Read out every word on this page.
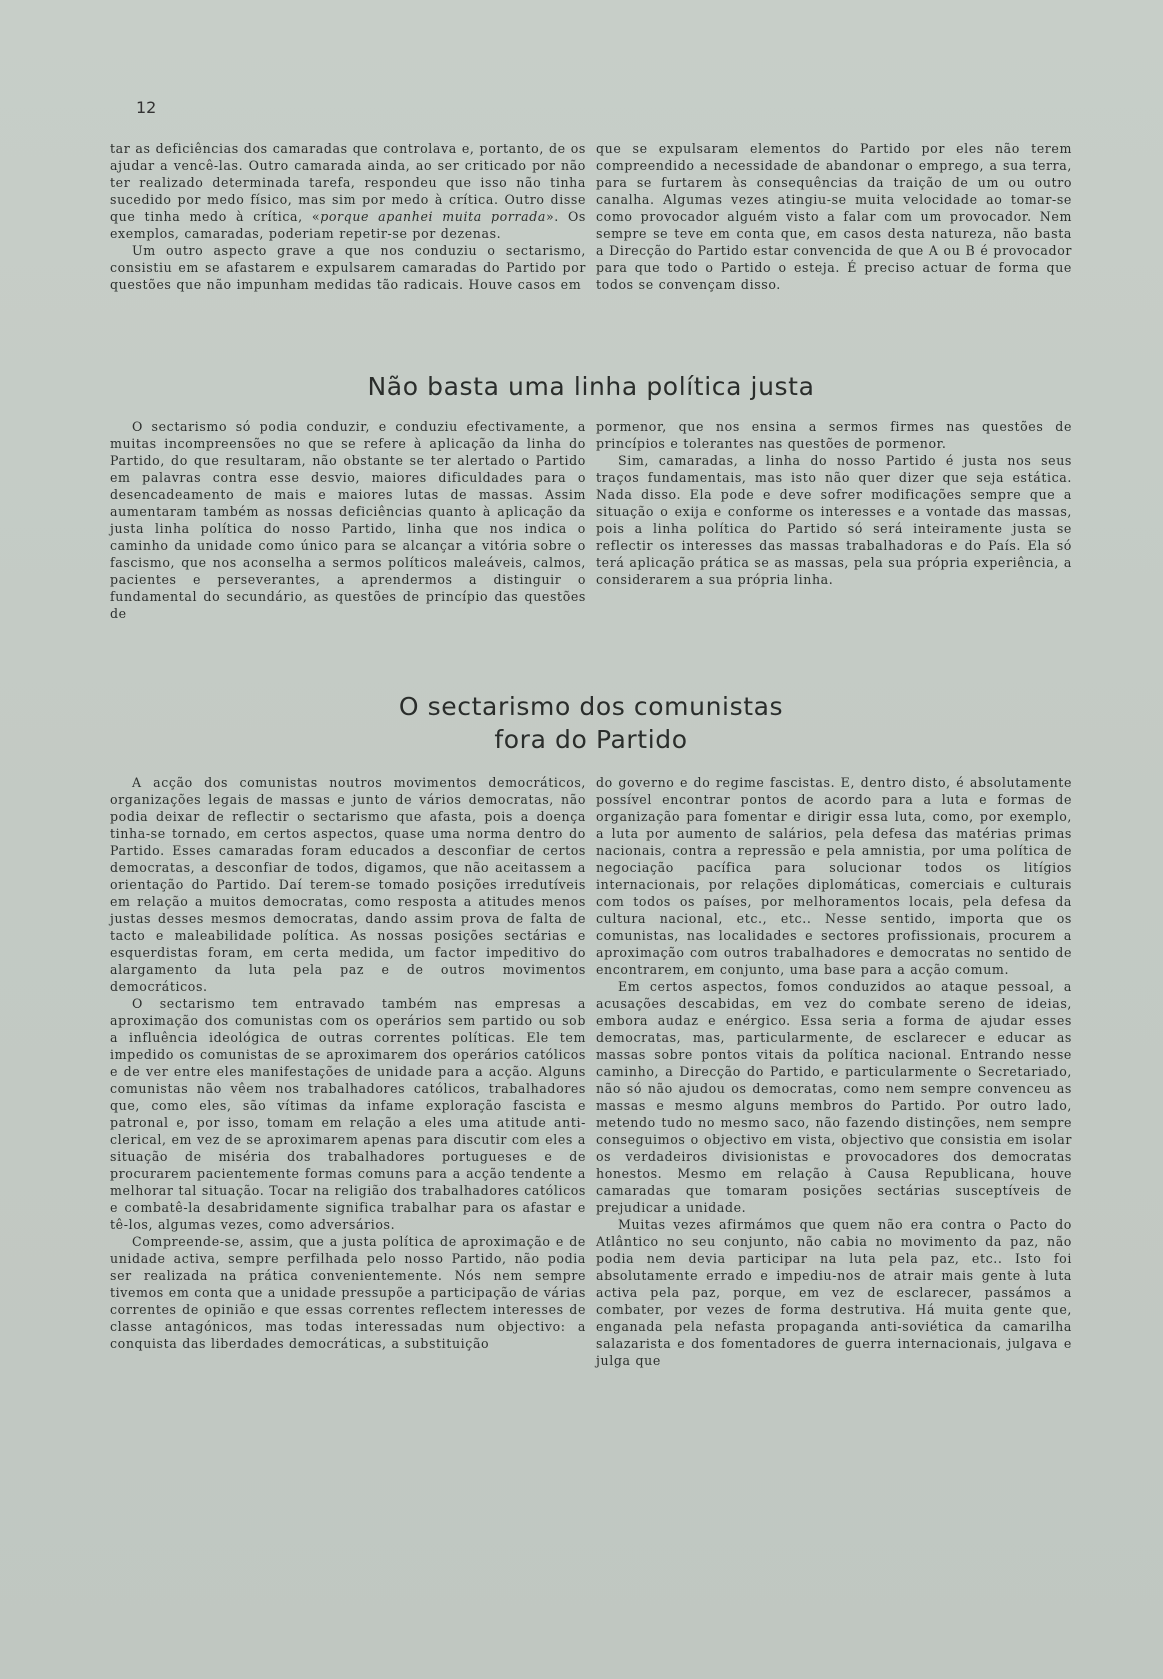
12

tar as deficiências dos camaradas que controlava e, portanto, de os ajudar a vencê-las. Outro camarada ainda, ao ser criticado por não ter realizado determinada tarefa, respondeu que isso não tinha sucedido por medo físico, mas sim por medo à crítica. Outro disse que tinha medo à crítica, «porque apanhei muita porrada». Os exemplos, camaradas, poderiam repetir-se por dezenas.

Um outro aspecto grave a que nos conduziu o sectarismo, consistiu em se afastarem e expulsarem camaradas do Partido por questões que não impunham medidas tão radicais. Houve casos em

que se expulsaram elementos do Partido por eles não terem compreendido a necessidade de abandonar o emprego, a sua terra, para se furtarem às consequências da traição de um ou outro canalha. Algumas vezes atingiu-se muita velocidade ao tomar-se como provocador alguém visto a falar com um provocador. Nem sempre se teve em conta que, em casos desta natureza, não basta a Direcção do Partido estar convencida de que A ou B é provocador para que todo o Partido o esteja. É preciso actuar de forma que todos se convençam disso.

Não basta uma linha política justa

O sectarismo só podia conduzir, e conduziu efectivamente, a muitas incompreensões no que se refere à aplicação da linha do Partido, do que resultaram, não obstante se ter alertado o Partido em palavras contra esse desvio, maiores dificuldades para o desencadeamento de mais e maiores lutas de massas. Assim aumentaram também as nossas deficiências quanto à aplicação da justa linha política do nosso Partido, linha que nos indica o caminho da unidade como único para se alcançar a vitória sobre o fascismo, que nos aconselha a sermos políticos maleáveis, calmos, pacientes e perseverantes, a aprendermos a distinguir o fundamental do secundário, as questões de princípio das questões de

pormenor, que nos ensina a sermos firmes nas questões de princípios e tolerantes nas questões de pormenor.

Sim, camaradas, a linha do nosso Partido é justa nos seus traços fundamentais, mas isto não quer dizer que seja estática. Nada disso. Ela pode e deve sofrer modificações sempre que a situação o exija e conforme os interesses e a vontade das massas, pois a linha política do Partido só será inteiramente justa se reflectir os interesses das massas trabalhadoras e do País. Ela só terá aplicação prática se as massas, pela sua própria experiência, a considerarem a sua própria linha.

O sectarismo dos comunistas
fora do Partido

A acção dos comunistas noutros movimentos democráticos, organizações legais de massas e junto de vários democratas, não podia deixar de reflectir o sectarismo que afasta, pois a doença tinha-se tornado, em certos aspectos, quase uma norma dentro do Partido. Esses camaradas foram educados a desconfiar de certos democratas, a desconfiar de todos, digamos, que não aceitassem a orientação do Partido. Daí terem-se tomado posições irredutíveis em relação a muitos democratas, como resposta a atitudes menos justas desses mesmos democratas, dando assim prova de falta de tacto e maleabilidade política. As nossas posições sectárias e esquerdistas foram, em certa medida, um factor impeditivo do alargamento da luta pela paz e de outros movimentos democráticos.

O sectarismo tem entravado também nas empresas a aproximação dos comunistas com os operários sem partido ou sob a influência ideológica de outras correntes políticas. Ele tem impedido os comunistas de se aproximarem dos operários católicos e de ver entre eles manifestações de unidade para a acção. Alguns comunistas não vêem nos trabalhadores católicos, trabalhadores que, como eles, são vítimas da infame exploração fascista e patronal e, por isso, tomam em relação a eles uma atitude anti-clerical, em vez de se aproximarem apenas para discutir com eles a situação de miséria dos trabalhadores portugueses e de procurarem pacientemente formas comuns para a acção tendente a melhorar tal situação. Tocar na religião dos trabalhadores católicos e combatê-la desabridamente significa trabalhar para os afastar e tê-los, algumas vezes, como adversários.

Compreende-se, assim, que a justa política de aproximação e de unidade activa, sempre perfilhada pelo nosso Partido, não podia ser realizada na prática convenientemente. Nós nem sempre tivemos em conta que a unidade pressupõe a participação de várias correntes de opinião e que essas correntes reflectem interesses de classe antagónicos, mas todas interessadas num objectivo: a conquista das liberdades democráticas, a substituição

do governo e do regime fascistas. E, dentro disto, é absolutamente possível encontrar pontos de acordo para a luta e formas de organização para fomentar e dirigir essa luta, como, por exemplo, a luta por aumento de salários, pela defesa das matérias primas nacionais, contra a repressão e pela amnistia, por uma política de negociação pacífica para solucionar todos os litígios internacionais, por relações diplomáticas, comerciais e culturais com todos os países, por melhoramentos locais, pela defesa da cultura nacional, etc., etc.. Nesse sentido, importa que os comunistas, nas localidades e sectores profissionais, procurem a aproximação com outros trabalhadores e democratas no sentido de encontrarem, em conjunto, uma base para a acção comum.

Em certos aspectos, fomos conduzidos ao ataque pessoal, a acusações descabidas, em vez do combate sereno de ideias, embora audaz e enérgico. Essa seria a forma de ajudar esses democratas, mas, particularmente, de esclarecer e educar as massas sobre pontos vitais da política nacional. Entrando nesse caminho, a Direcção do Partido, e particularmente o Secretariado, não só não ajudou os democratas, como nem sempre convenceu as massas e mesmo alguns membros do Partido. Por outro lado, metendo tudo no mesmo saco, não fazendo distinções, nem sempre conseguimos o objectivo em vista, objectivo que consistia em isolar os verdadeiros divisionistas e provocadores dos democratas honestos. Mesmo em relação à Causa Republicana, houve camaradas que tomaram posições sectárias susceptíveis de prejudicar a unidade.

Muitas vezes afirmámos que quem não era contra o Pacto do Atlântico no seu conjunto, não cabia no movimento da paz, não podia nem devia participar na luta pela paz, etc.. Isto foi absolutamente errado e impediu-nos de atrair mais gente à luta activa pela paz, porque, em vez de esclarecer, passámos a combater, por vezes de forma destrutiva. Há muita gente que, enganada pela nefasta propaganda anti-soviética da camarilha salazarista e dos fomentadores de guerra internacionais, julgava e julga que
